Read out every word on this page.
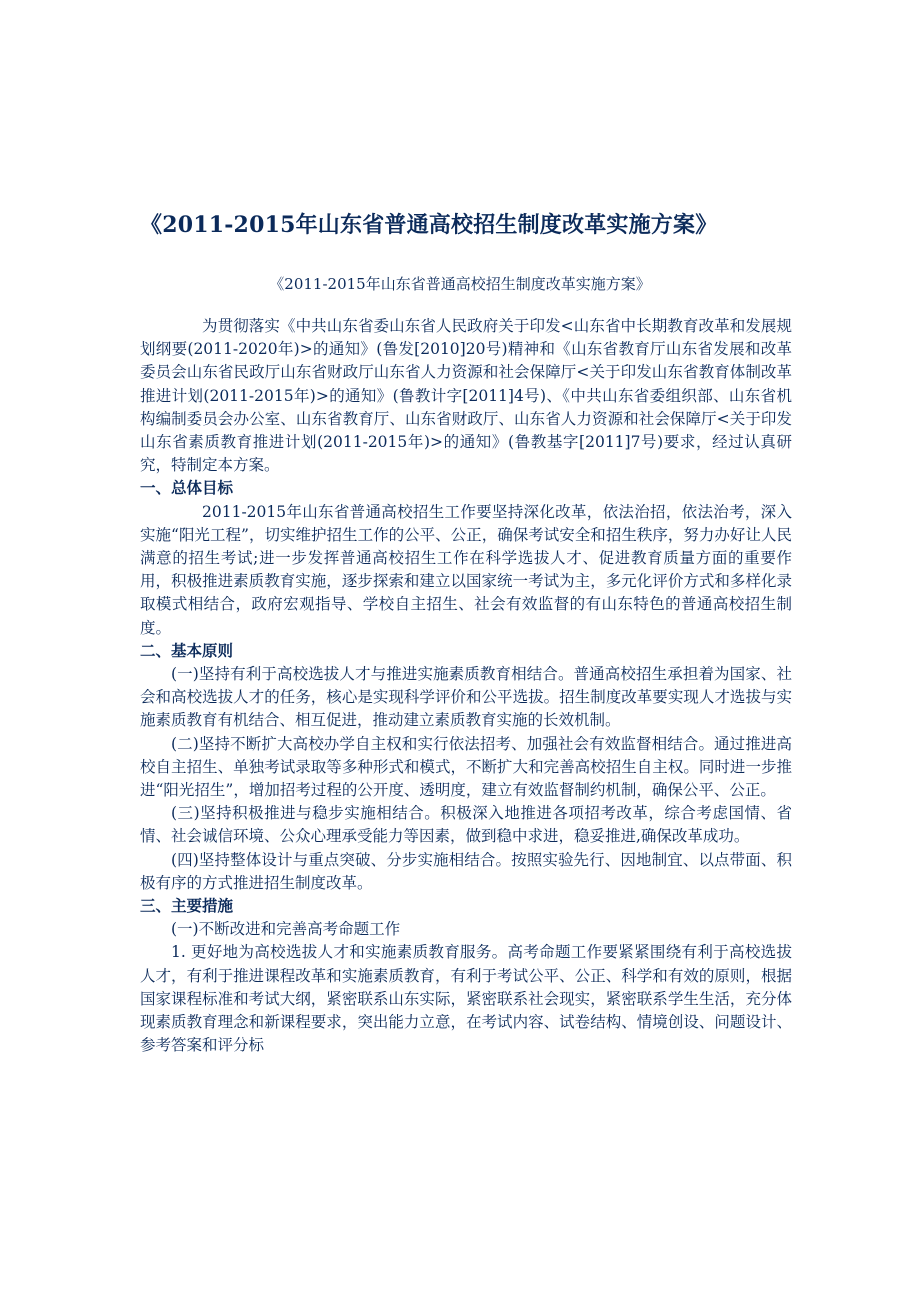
《2011-2015年山东省普通高校招生制度改革实施方案》
《2011-2015年山东省普通高校招生制度改革实施方案》

为贯彻落实《中共山东省委山东省人民政府关于印发<山东省中长期教育改革和发展规划纲要(2011-2020年)>的通知》(鲁发[2010]20号)精神和《山东省教育厅山东省发展和改革委员会山东省民政厅山东省财政厅山东省人力资源和社会保障厅<关于印发山东省教育体制改革推进计划(2011-2015年)>的通知》(鲁教计字[2011]4号)、《中共山东省委组织部、山东省机构编制委员会办公室、山东省教育厅、山东省财政厅、山东省人力资源和社会保障厅<关于印发山东省素质教育推进计划(2011-2015年)>的通知》(鲁教基字[2011]7号)要求，经过认真研究，特制定本方案。

一、总体目标

2011-2015年山东省普通高校招生工作要坚持深化改革，依法治招，依法治考，深入实施“阳光工程”，切实维护招生工作的公平、公正，确保考试安全和招生秩序，努力办好让人民满意的招生考试;进一步发挥普通高校招生工作在科学选拔人才、促进教育质量方面的重要作用，积极推进素质教育实施，逐步探索和建立以国家统一考试为主，多元化评价方式和多样化录取模式相结合，政府宏观指导、学校自主招生、社会有效监督的有山东特色的普通高校招生制度。

二、基本原则

(一)坚持有利于高校选拔人才与推进实施素质教育相结合。普通高校招生承担着为国家、社会和高校选拔人才的任务，核心是实现科学评价和公平选拔。招生制度改革要实现人才选拔与实施素质教育有机结合、相互促进，推动建立素质教育实施的长效机制。

(二)坚持不断扩大高校办学自主权和实行依法招考、加强社会有效监督相结合。通过推进高校自主招生、单独考试录取等多种形式和模式，不断扩大和完善高校招生自主权。同时进一步推进“阳光招生”，增加招考过程的公开度、透明度，建立有效监督制约机制，确保公平、公正。

(三)坚持积极推进与稳步实施相结合。积极深入地推进各项招考改革，综合考虑国情、省情、社会诚信环境、公众心理承受能力等因素，做到稳中求进，稳妥推进,确保改革成功。

(四)坚持整体设计与重点突破、分步实施相结合。按照实验先行、因地制宜、以点带面、积极有序的方式推进招生制度改革。

三、主要措施

(一)不断改进和完善高考命题工作

1. 更好地为高校选拔人才和实施素质教育服务。高考命题工作要紧紧围绕有利于高校选拔人才，有利于推进课程改革和实施素质教育，有利于考试公平、公正、科学和有效的原则，根据国家课程标准和考试大纲，紧密联系山东实际，紧密联系社会现实，紧密联系学生生活，充分体现素质教育理念和新课程要求，突出能力立意，在考试内容、试卷结构、情境创设、问题设计、参考答案和评分标
